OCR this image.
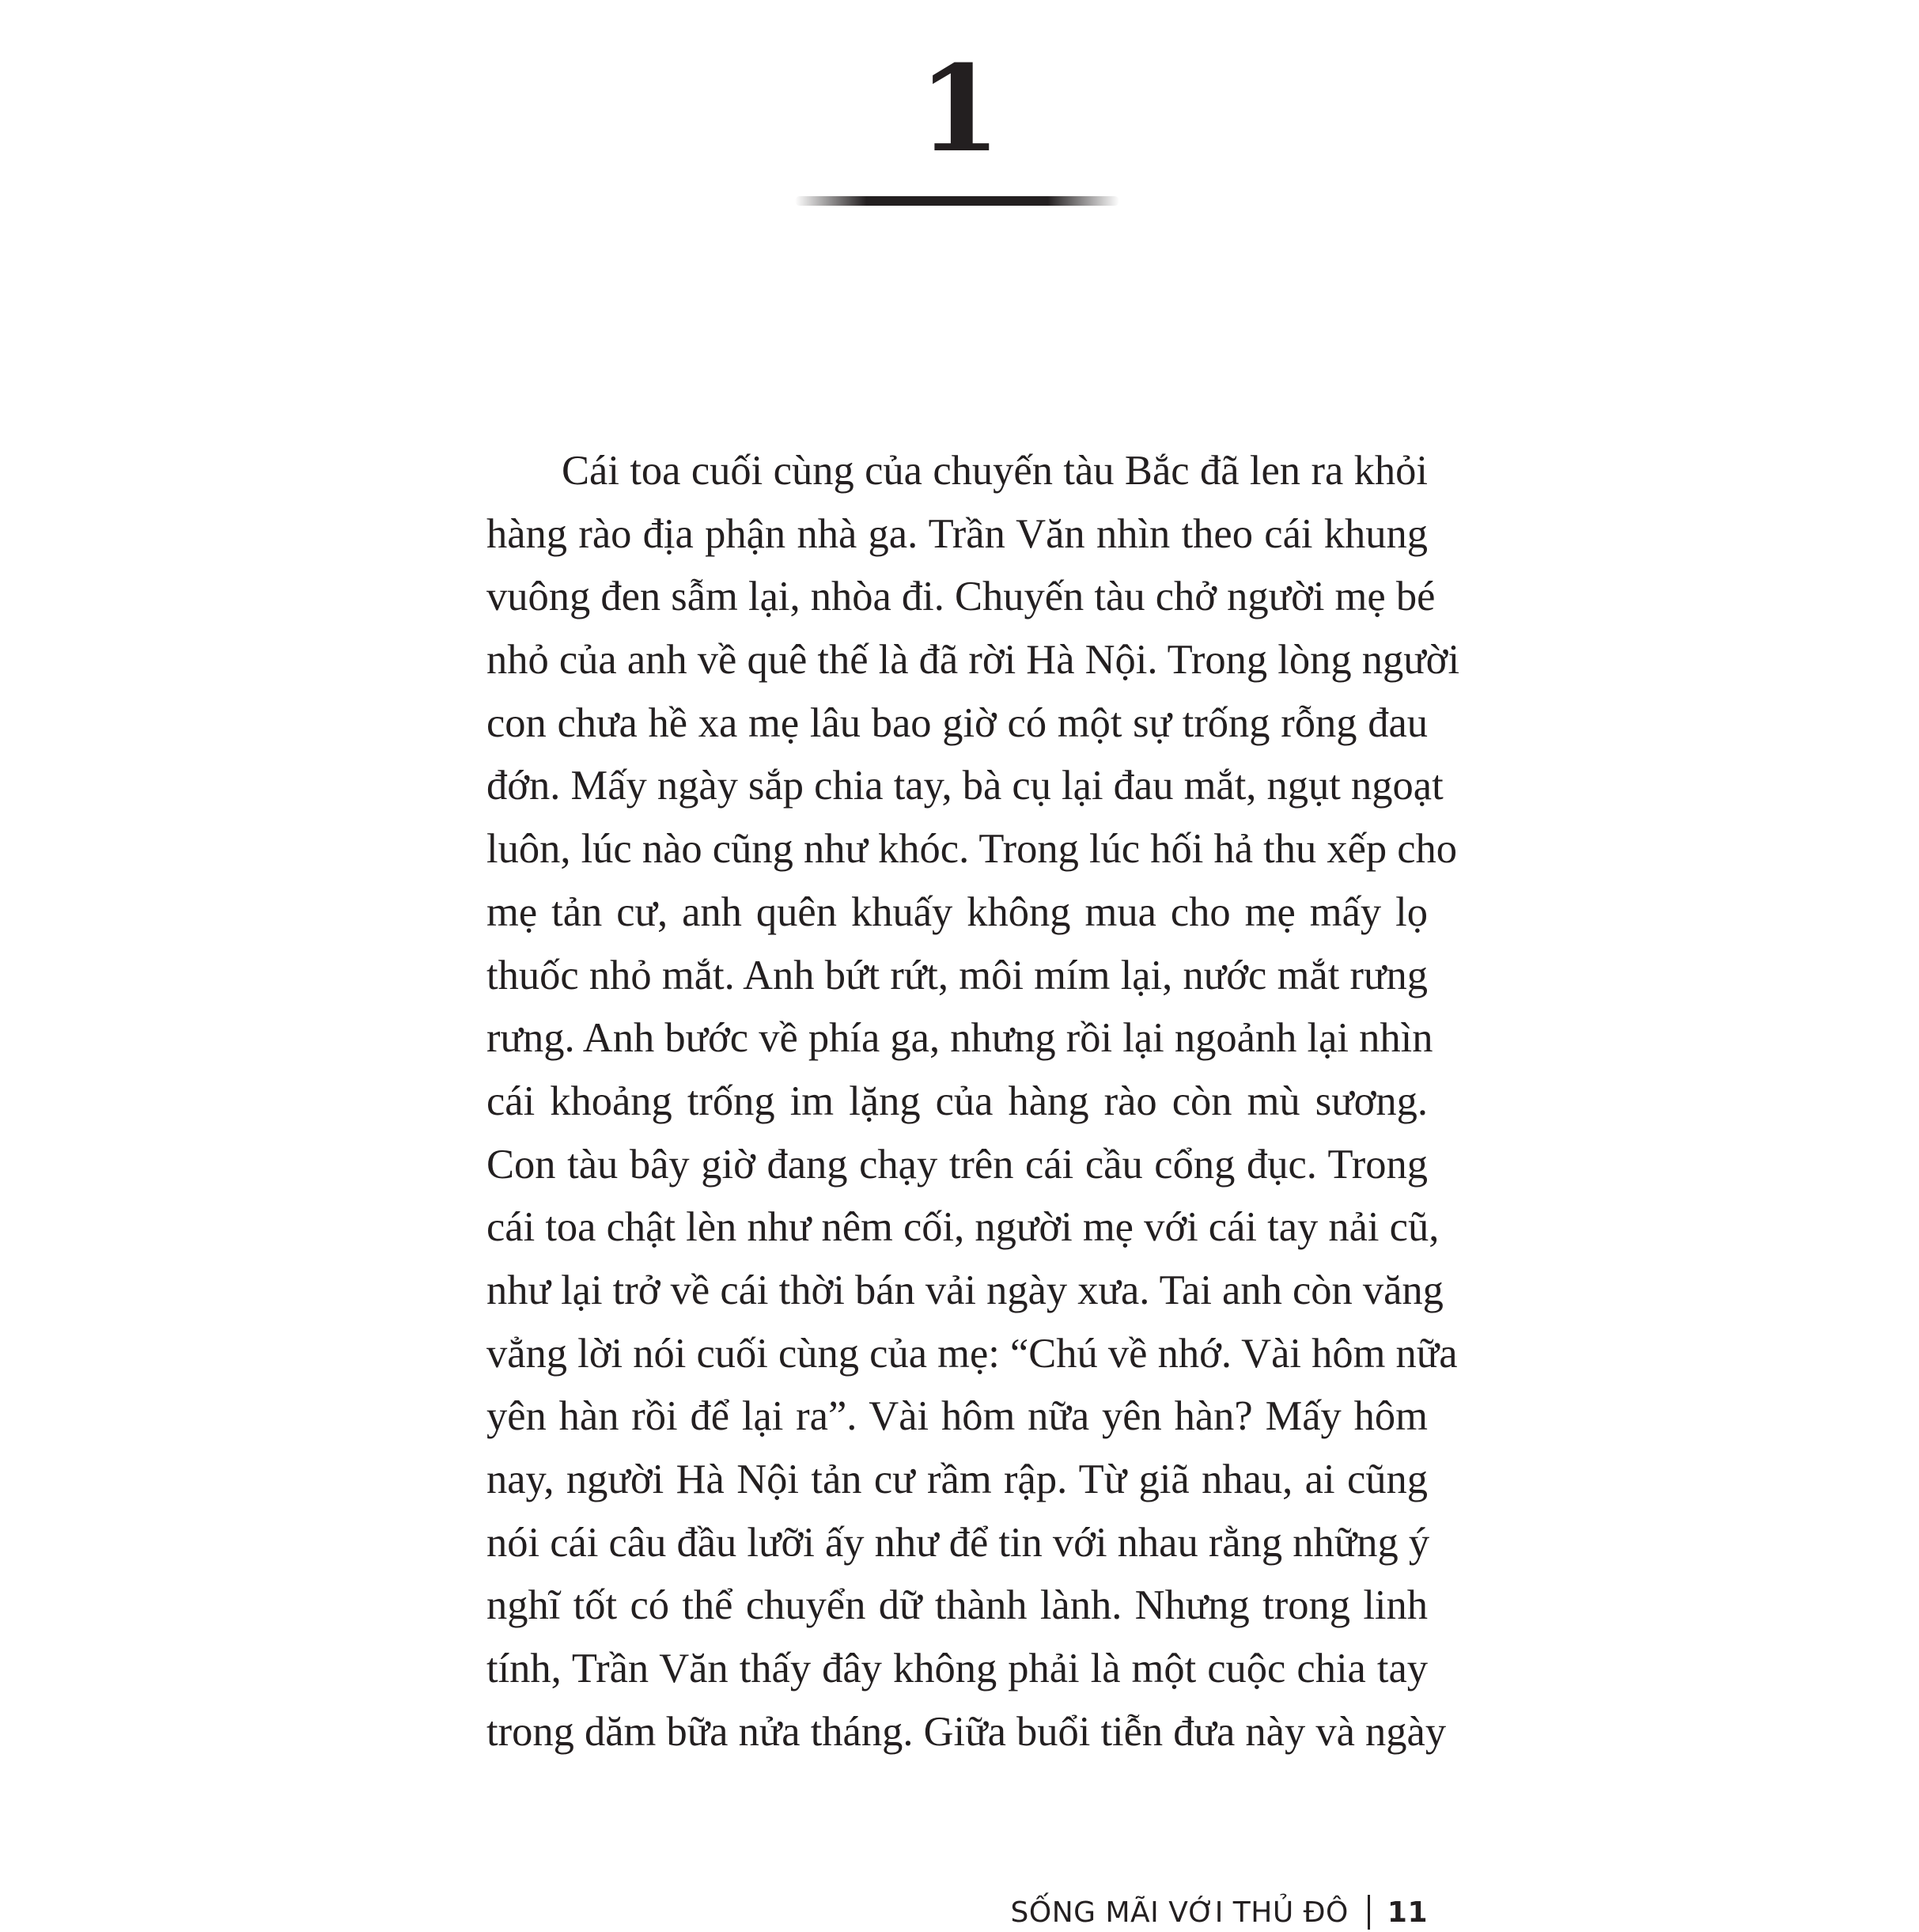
1
Cái toa cuối cùng của chuyến tàu Bắc đã len ra khỏi
hàng rào địa phận nhà ga. Trần Văn nhìn theo cái khung
vuông đen sẫm lại, nhòa đi. Chuyến tàu chở người mẹ bé
nhỏ của anh về quê thế là đã rời Hà Nội. Trong lòng người
con chưa hề xa mẹ lâu bao giờ có một sự trống rỗng đau
đớn. Mấy ngày sắp chia tay, bà cụ lại đau mắt, ngụt ngoạt
luôn, lúc nào cũng như khóc. Trong lúc hối hả thu xếp cho
mẹ tản cư, anh quên khuấy không mua cho mẹ mấy lọ
thuốc nhỏ mắt. Anh bứt rứt, môi mím lại, nước mắt rưng
rưng. Anh bước về phía ga, nhưng rồi lại ngoảnh lại nhìn
cái khoảng trống im lặng của hàng rào còn mù sương.
Con tàu bây giờ đang chạy trên cái cầu cổng đục. Trong
cái toa chật lèn như nêm cối, người mẹ với cái tay nải cũ,
như lại trở về cái thời bán vải ngày xưa. Tai anh còn văng
vẳng lời nói cuối cùng của mẹ: “Chú về nhớ. Vài hôm nữa
yên hàn rồi để lại ra”. Vài hôm nữa yên hàn? Mấy hôm
nay, người Hà Nội tản cư rầm rập. Từ giã nhau, ai cũng
nói cái câu đầu lưỡi ấy như để tin với nhau rằng những ý
nghĩ tốt có thể chuyển dữ thành lành. Nhưng trong linh
tính, Trần Văn thấy đây không phải là một cuộc chia tay
trong dăm bữa nửa tháng. Giữa buổi tiễn đưa này và ngày
SỐNG MÃI VỚI THỦ ĐÔ 11
